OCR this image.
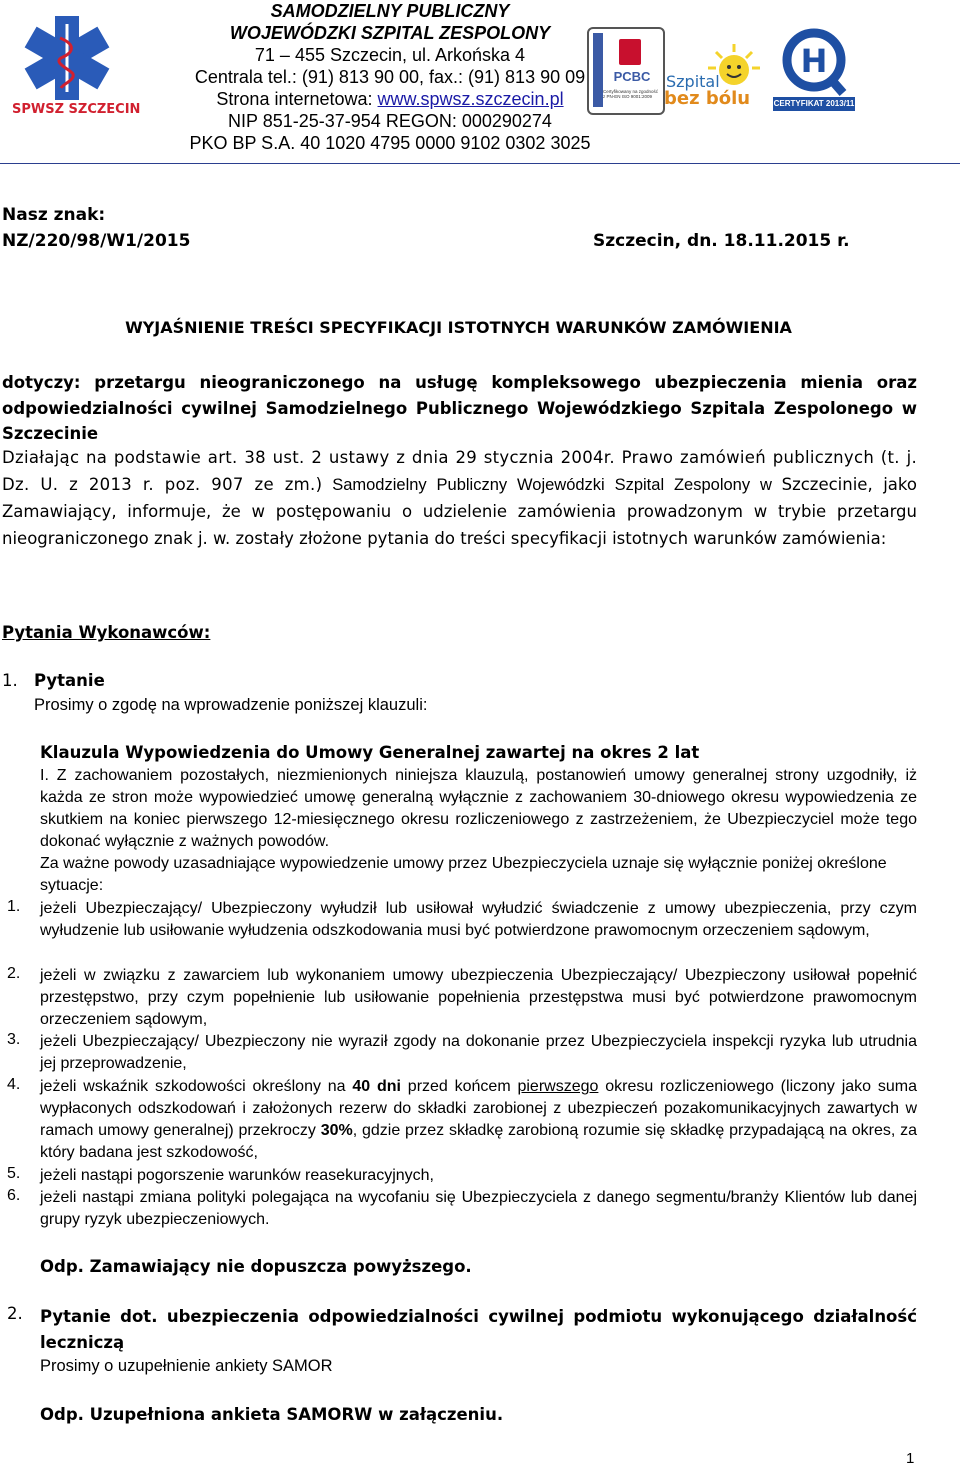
SPWSZ SZCZECIN
SAMODZIELNY PUBLICZNY
WOJEWÓDZKI SZPITAL ZESPOLONY
71 – 455 Szczecin, ul. Arkońska 4
Centrala tel.: (91) 813 90 00, fax.: (91) 813 90 09
Strona internetowa: www.spwsz.szczecin.pl
NIP 851-25-37-954 REGON: 000290274
PKO BP S.A. 40 1020 4795 0000 9102 0302 3025
PCBC
Certyfikowany na zgodność z PN-EN ISO 9001:2009
Szpital
bez bólu
H
CERTYFIKAT 2013/11
Nasz znak:
NZ/220/98/W1/2015	Szczecin, dn. 18.11.2015 r.
WYJAŚNIENIE TREŚCI SPECYFIKACJI ISTOTNYCH WARUNKÓW ZAMÓWIENIA
dotyczy: przetargu nieograniczonego na usługę kompleksowego ubezpieczenia mienia oraz odpowiedzialności cywilnej Samodzielnego Publicznego Wojewódzkiego Szpitala Zespolonego w Szczecinie
Działając na podstawie art. 38 ust. 2 ustawy z dnia 29 stycznia 2004r. Prawo zamówień publicznych (t. j. Dz. U. z 2013 r. poz. 907 ze zm.) Samodzielny Publiczny Wojewódzki Szpital Zespolony w Szczecinie, jako Zamawiający, informuje, że w postępowaniu o udzielenie zamówienia prowadzonym w trybie przetargu nieograniczonego znak j. w. zostały złożone pytania do treści specyfikacji istotnych warunków zamówienia:
Pytania Wykonawców:
1. Pytanie
Prosimy o zgodę na wprowadzenie poniższej klauzuli:
Klauzula Wypowiedzenia do Umowy Generalnej zawartej na okres 2 lat
I. Z zachowaniem pozostałych, niezmienionych niniejsza klauzulą, postanowień umowy generalnej strony uzgodniły, iż każda ze stron może wypowiedzieć umowę generalną wyłącznie z zachowaniem 30-dniowego okresu wypowiedzenia ze skutkiem na koniec pierwszego 12-miesięcznego okresu rozliczeniowego z zastrzeżeniem, że Ubezpieczyciel może tego dokonać wyłącznie z ważnych powodów.
Za ważne powody uzasadniające wypowiedzenie umowy przez Ubezpieczyciela uznaje się wyłącznie poniżej określone sytuacje:
1. jeżeli Ubezpieczający/ Ubezpieczony wyłudził lub usiłował wyłudzić świadczenie z umowy ubezpieczenia, przy czym wyłudzenie lub usiłowanie wyłudzenia odszkodowania musi być potwierdzone prawomocnym orzeczeniem sądowym,
2. jeżeli w związku z zawarciem lub wykonaniem umowy ubezpieczenia Ubezpieczający/ Ubezpieczony usiłował popełnić przestępstwo, przy czym popełnienie lub usiłowanie popełnienia przestępstwa musi być potwierdzone prawomocnym orzeczeniem sądowym,
3. jeżeli Ubezpieczający/ Ubezpieczony nie wyraził zgody na dokonanie przez Ubezpieczyciela inspekcji ryzyka lub utrudnia jej przeprowadzenie,
4. jeżeli wskaźnik szkodowości określony na 40 dni przed końcem pierwszego okresu rozliczeniowego (liczony jako suma wypłaconych odszkodowań i założonych rezerw do składki zarobionej z ubezpieczeń pozakomunikacyjnych zawartych w ramach umowy generalnej) przekroczy 30%, gdzie przez składkę zarobioną rozumie się składkę przypadającą na okres, za który badana jest szkodowość,
5. jeżeli nastąpi pogorszenie warunków reasekuracyjnych,
6. jeżeli nastąpi zmiana polityki polegająca na wycofaniu się Ubezpieczyciela z danego segmentu/branży Klientów lub danej grupy ryzyk ubezpieczeniowych.
Odp. Zamawiający nie dopuszcza powyższego.
2. Pytanie dot. ubezpieczenia odpowiedzialności cywilnej podmiotu wykonującego działalność leczniczą
Prosimy o uzupełnienie ankiety SAMOR
Odp. Uzupełniona ankieta SAMORW w załączeniu.
1
